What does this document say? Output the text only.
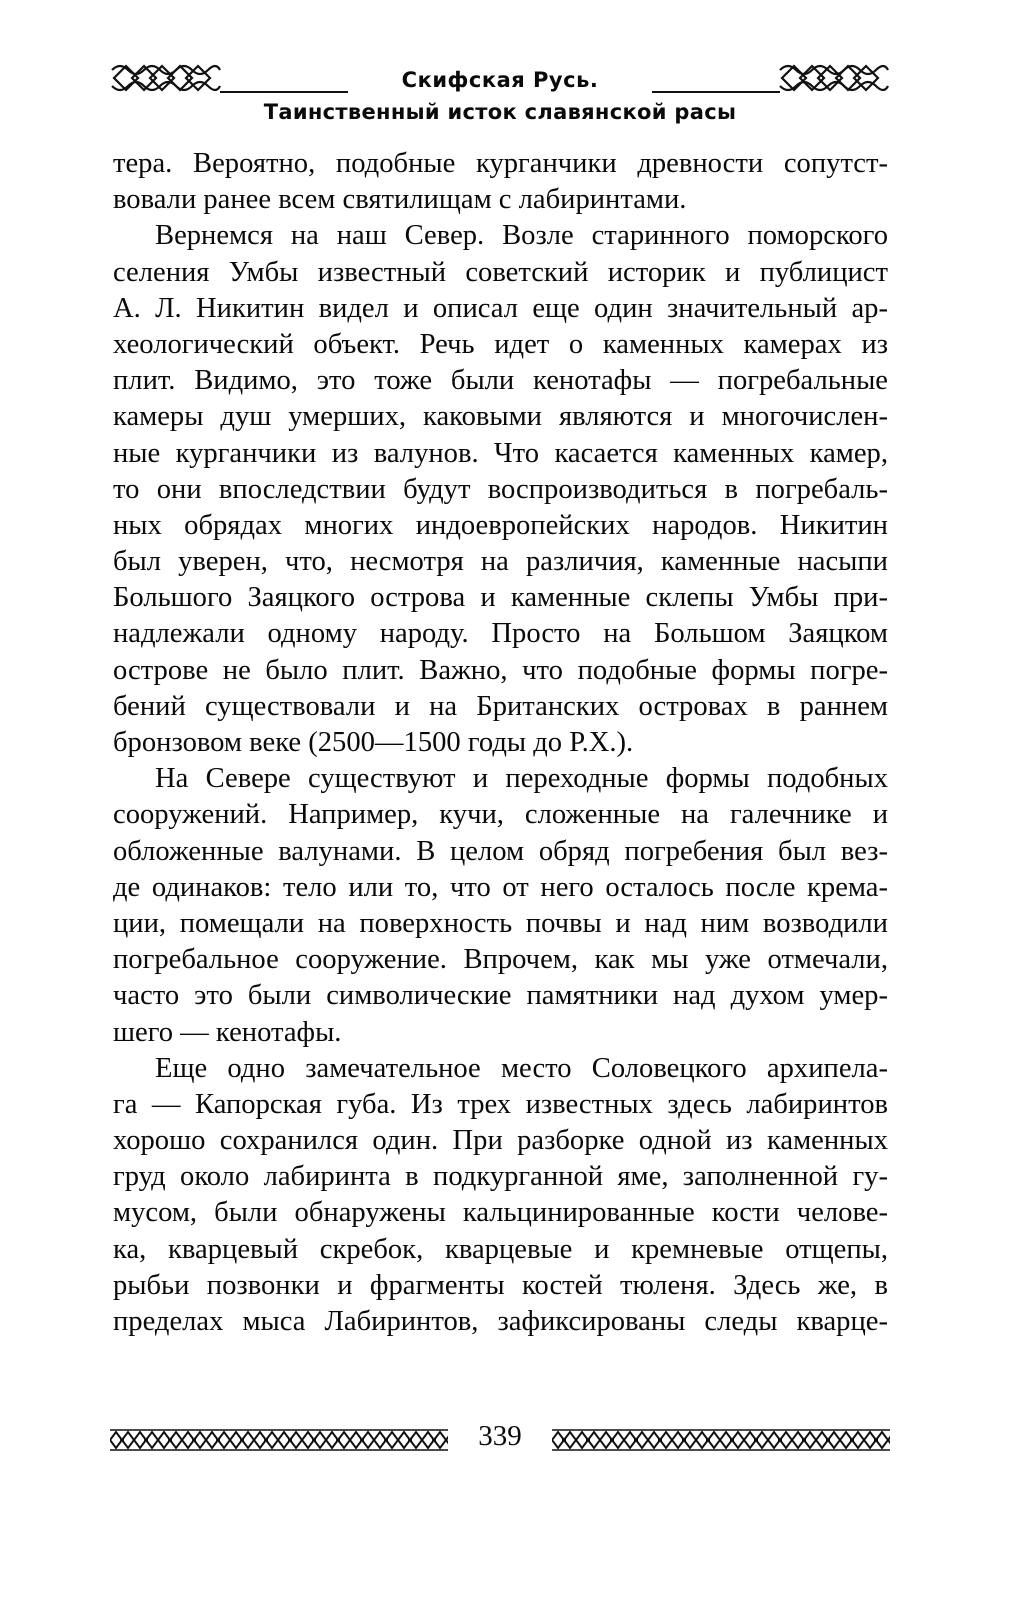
Скифская Русь.
Таинственный исток славянской расы
тера. Вероятно, подобные курганчики древности сопутст-
вовали ранее всем святилищам с лабиринтами.
Вернемся на наш Север. Возле старинного поморского
селения Умбы известный советский историк и публицист
А. Л. Никитин видел и описал еще один значительный ар-
хеологический объект. Речь идет о каменных камерах из
плит. Видимо, это тоже были кенотафы — погребальные
камеры душ умерших, каковыми являются и многочислен-
ные курганчики из валунов. Что касается каменных камер,
то они впоследствии будут воспроизводиться в погребаль-
ных обрядах многих индоевропейских народов. Никитин
был уверен, что, несмотря на различия, каменные насыпи
Большого Заяцкого острова и каменные склепы Умбы при-
надлежали одному народу. Просто на Большом Заяцком
острове не было плит. Важно, что подобные формы погре-
бений существовали и на Британских островах в раннем
бронзовом веке (2500—1500 годы до Р.Х.).
На Севере существуют и переходные формы подобных
сооружений. Например, кучи, сложенные на галечнике и
обложенные валунами. В целом обряд погребения был вез-
де одинаков: тело или то, что от него осталось после крема-
ции, помещали на поверхность почвы и над ним возводили
погребальное сооружение. Впрочем, как мы уже отмечали,
часто это были символические памятники над духом умер-
шего — кенотафы.
Еще одно замечательное место Соловецкого архипела-
га — Капорская губа. Из трех известных здесь лабиринтов
хорошо сохранился один. При разборке одной из каменных
груд около лабиринта в подкурганной яме, заполненной гу-
мусом, были обнаружены кальцинированные кости челове-
ка, кварцевый скребок, кварцевые и кремневые отщепы,
рыбьи позвонки и фрагменты костей тюленя. Здесь же, в
пределах мыса Лабиринтов, зафиксированы следы кварце-
339
